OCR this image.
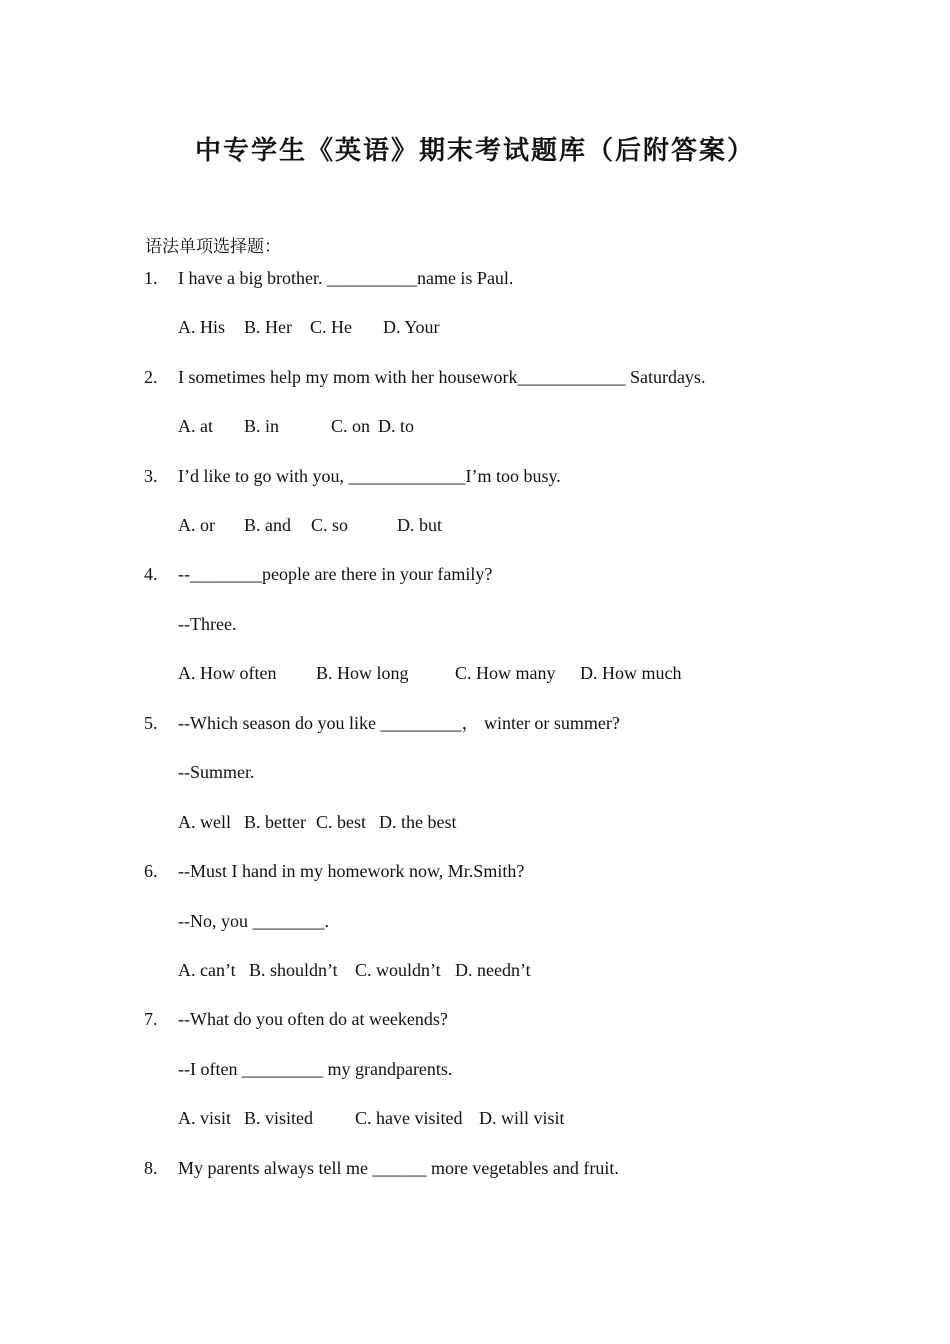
中专学生《英语》期末考试题库（后附答案）
语法单项选择题：
1. I have a big brother. __________name is Paul.
A. His B. Her C. He D. Your
2. I sometimes help my mom with her housework____________ Saturdays.
A. at B. in	C. on D. to
3. I’d like to go with you, _____________I’m too busy.
A. or B. and C. so	D. but
4. --________people are there in your family?
--Three.
A. How often B. How long	C. How many D. How much
5. --Which season do you like _________， winter or summer?
--Summer.
A. well B. better C. best D. the best
6. --Must I hand in my homework now, Mr.Smith?
--No, you ________.
A. can’t B. shouldn’t C. wouldn’t D. needn’t
7. --What do you often do at weekends?
--I often _________ my grandparents.
A. visit B. visited C. have visited D. will visit
8. My parents always tell me ______ more vegetables and fruit.
